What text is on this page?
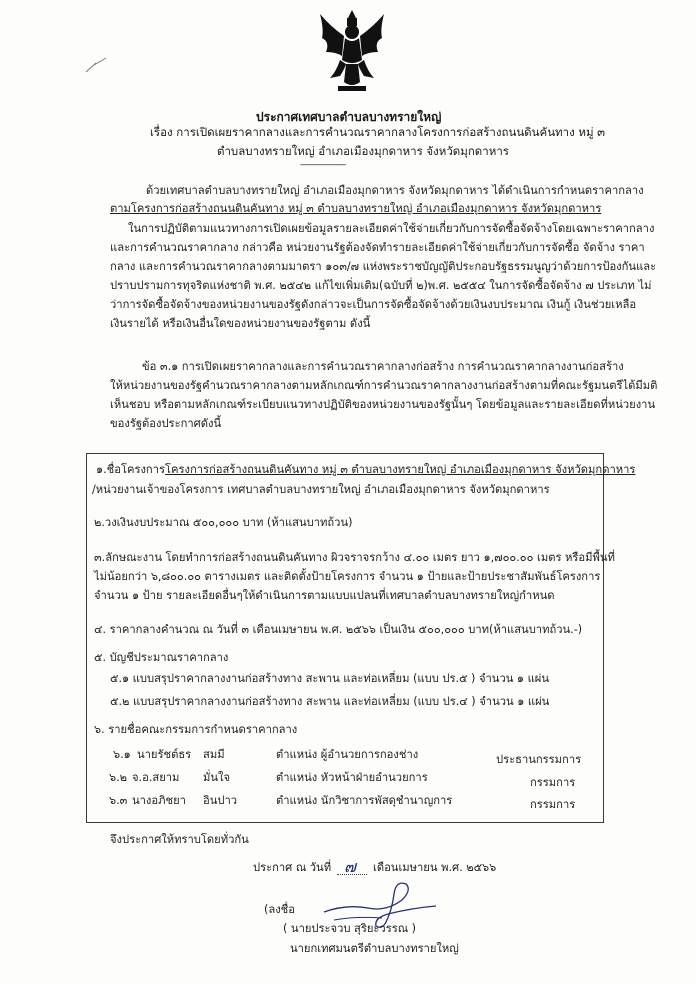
ประกาศเทศบาลตำบลบางทรายใหญ่
เรื่อง การเปิดเผยราคากลางและการคำนวณราคากลางโครงการก่อสร้างถนนดินคันทาง หมู่ ๓
ตำบลบางทรายใหญ่ อำเภอเมืองมุกดาหาร จังหวัดมุกดาหาร
------------------------
ด้วยเทศบาลตำบลบางทรายใหญ่ อำเภอเมืองมุกดาหาร จังหวัดมุกดาหาร ได้ดำเนินการกำหนดราคากลาง
ตามโครงการก่อสร้างถนนดินคันทาง หมู่ ๓ ตำบลบางทรายใหญ่ อำเภอเมืองมุกดาหาร จังหวัดมุกดาหาร
ในการปฏิบัติตามแนวทางการเปิดเผยข้อมูลรายละเอียดค่าใช้จ่ายเกี่ยวกับการจัดซื้อจัดจ้างโดยเฉพาะราคากลาง
และการคำนวณราคากลาง กล่าวคือ หน่วยงานรัฐต้องจัดทำรายละเอียดค่าใช้จ่ายเกี่ยวกับการจัดซื้อ จัดจ้าง ราคา
กลาง และการคำนวณราคากลางตามมาตรา ๑๐๓/๗ แห่งพระราชบัญญัติประกอบรัฐธรรมนูญว่าด้วยการป้องกันและ
ปราบปรามการทุจริตแห่งชาติ พ.ศ. ๒๕๔๒ แก้ไขเพิ่มเติม(ฉบับที่ ๒)พ.ศ. ๒๕๕๔ ในการจัดซื้อจัดจ้าง ๗ ประเภท ไม่
ว่าการจัดซื้อจัดจ้างของหน่วยงานของรัฐดังกล่าวจะเป็นการจัดซื้อจัดจ้างด้วยเงินงบประมาณ เงินกู้ เงินช่วยเหลือ
เงินรายได้ หรือเงินอื่นใดของหน่วยงานของรัฐตาม ดังนี้
ข้อ ๓.๑ การเปิดเผยราคากลางและการคำนวณราคากลางก่อสร้าง การคำนวณราคากลางงานก่อสร้าง
ให้หน่วยงานของรัฐคำนวณราคากลางตามหลักเกณฑ์การคำนวณราคากลางงานก่อสร้างตามที่คณะรัฐมนตรีได้มีมติ
เห็นชอบ หรือตามหลักเกณฑ์ระเบียบแนวทางปฏิบัติของหน่วยงานของรัฐนั้นๆ โดยข้อมูลและรายละเอียดที่หน่วยงาน
ของรัฐต้องประกาศดังนี้
๑.ชื่อโครงการ โครงการก่อสร้างถนนดินคันทาง หมู่ ๓ ตำบลบางทรายใหญ่ อำเภอเมืองมุกดาหาร จังหวัดมุกดาหาร
/หน่วยงานเจ้าของโครงการ เทศบาลตำบลบางทรายใหญ่ อำเภอเมืองมุกดาหาร จังหวัดมุกดาหาร
๒.วงเงินงบประมาณ ๕๐๐,๐๐๐ บาท (ห้าแสนบาทถ้วน)
๓.ลักษณะงาน โดยทำการก่อสร้างถนนดินคันทาง ผิวจราจรกว้าง ๔.๐๐ เมตร ยาว ๑,๗๐๐.๐๐ เมตร หรือมีพื้นที่
ไม่น้อยกว่า ๖,๘๐๐.๐๐ ตารางเมตร และติดตั้งป้ายโครงการ จำนวน ๑ ป้ายและป้ายประชาสัมพันธ์โครงการ
จำนวน ๑ ป้าย รายละเอียดอื่นๆให้ดำเนินการตามแบบแปลนที่เทศบาลตำบลบางทรายใหญ่กำหนด
๔. ราคากลางคำนวณ ณ วันที่ ๓ เดือนเมษายน พ.ศ. ๒๕๖๖ เป็นเงิน ๕๐๐,๐๐๐ บาท(ห้าแสนบาทถ้วน.-)
๕. บัญชีประมาณราคากลาง
๕.๑ แบบสรุปราคากลางงานก่อสร้างทาง สะพาน และท่อเหลี่ยม (แบบ ปร.๕ ) จำนวน ๑ แผ่น
๕.๒ แบบสรุปราคากลางงานก่อสร้างทาง สะพาน และท่อเหลี่ยม (แบบ ปร.๔ ) จำนวน ๑ แผ่น
๖. รายชื่อคณะกรรมการกำหนดราคากลาง
๖.๑ นายรัชต์ธร สมมี	ตำแหน่ง ผู้อำนวยการกองช่าง	ประธานกรรมการ
๖.๒ จ.อ.สยาม มั่นใจ	ตำแหน่ง หัวหน้าฝ่ายอำนวยการ	กรรมการ
๖.๓ นางอภิชยา อินปาว	ตำแหน่ง นักวิชาการพัสดุชำนาญการ	กรรมการ
จึงประกาศให้ทราบโดยทั่วกัน
ประกาศ ณ วันที่ ๗ เดือนเมษายน พ.ศ. ๒๕๖๖
(ลงชื่อ
( นายประจวบ สุริยะวรรณ )
นายกเทศมนตรีตำบลบางทรายใหญ่
